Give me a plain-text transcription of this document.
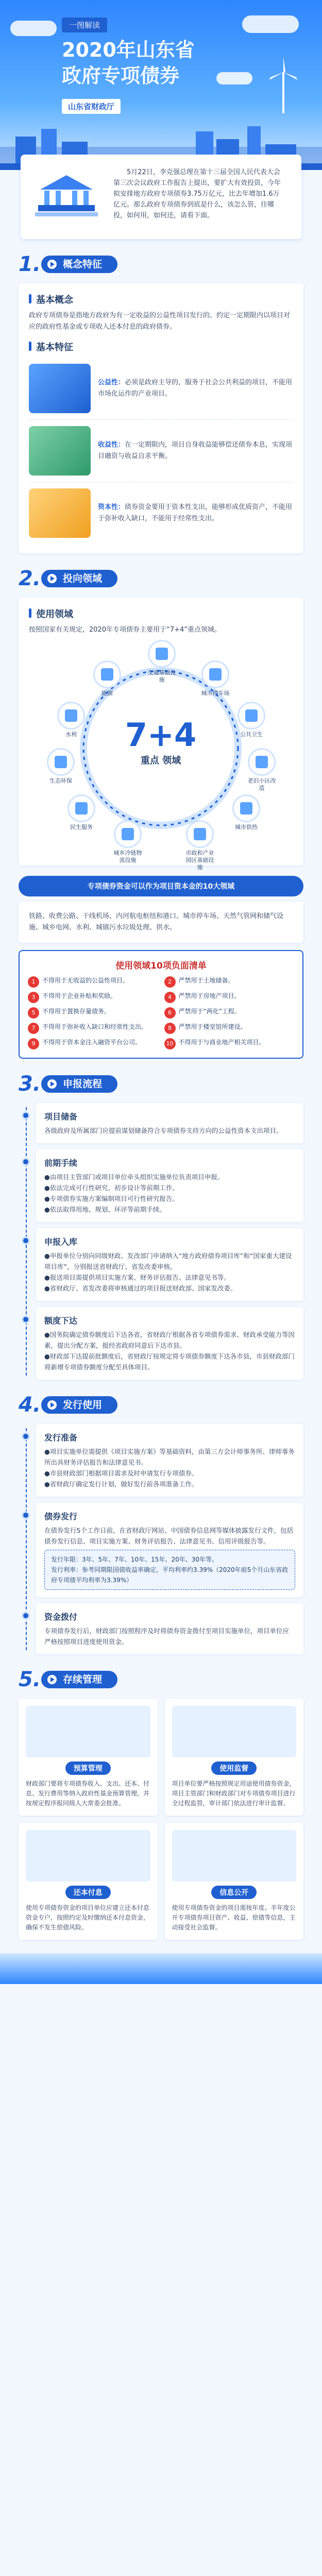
一图解读
2020年山东省
政府专项债券
山东省财政厅

5月22日，李克强总理在第十三届全国人民代表大会第三次会议政府工作报告上提出，要扩大有效投资，今年拟安排地方政府专项债券3.75万亿元，比去年增加1.6万亿元。那么政府专项债券到底是什么，该怎么管，往哪投，如何用，如何还，请看下面。

1.	概念特征
基本概念
政府专项债券是指地方政府为有一定收益的公益性项目发行的、约定一定期限内以项目对应的政府性基金或专项收入还本付息的政府债券。
基本特征
公益性：必须是政府主导的，服务于社会公共利益的项目，不能用市场化运作的产业项目。
收益性：在一定期限内，项目自身收益能够偿还债券本息，实现项目融资与收益自求平衡。
资本性：债券资金要用于资本性支出，能够形成优质资产，不能用于弥补收入缺口，不能用于经常性支出。
2.	投向领域
使用领域
按照国家有关规定，2020年专项债券主要用于“7+4”重点领域。
7+4
重点 领域
交通基础设施
城市停车场
公共卫生
老旧小区改造
城市供热
市政和产业园区基础设施
城乡冷链物流设施
民生服务
生态环保
水利
能源
专项债券资金可以作为项目资本金的10大领域
铁路、收费公路、干线机场、内河航电枢纽和港口、城市停车场、天然气管网和储气设施、城乡电网、水利、城镇污水垃圾处理、供水。
使用领域10项负面清单
1	不得用于无收益的公益性项目。	2	严禁用于土地储备。
3	不得用于企业补贴和奖励。	4	严禁用于房地产项目。
5	不得用于置换存量债务。	6	严禁用于“两化”工程。
7	不得用于弥补收入缺口和经常性支出。	8	严禁用于楼堂馆所建设。
9	不得用于资本金注入融资平台公司。	10 不得用于与商业地产相关项目。
3.	申报流程
项目储备
各级政府及所属部门应提前谋划储备符合专项债券支持方向的公益性资本支出项目。
前期手续
●由项目主管部门或项目单位牵头组织实施单位负责项目申报。
●依法完成可行性研究、初步设计等前期工作。
●专项债券实施方案编制项目可行性研究报告。
●依法取得用地、规划、环评等前期手续。
申报入库
●申报单位分别向同级财政、发改部门申请纳入“地方政府债券项目库”和“国家重大建设项目库”，分别报送省财政厅、省发改委审核。
●报送项目需提供项目实施方案、财务评估报告、法律意见书等。
●省财政厅、省发改委将审核通过的项目报送财政部、国家发改委。
额度下达
●国务院确定债券额度后下达各省，省财政厅根据各省专项债券需求、财政承受能力等因素，提出分配方案，报经省政府同意后下达市县。
●财政部下达提前批额度后，省财政厅按规定将专项债券额度下达各市县，市县财政部门将新增专项债券额度分配至具体项目。
4.	发行使用
发行准备
●项目实施单位需提供《项目实施方案》等基础资料，由第三方会计师事务所、律师事务所出具财务评估报告和法律意见书。
●市县财政部门根据项目需求及时申请发行专项债券。
●省财政厅确定发行计划，做好发行前各项准备工作。
债券发行
在债券发行5个工作日前，在省财政厅网站、中国债券信息网等媒体披露发行文件，包括债券发行信息、项目实施方案、财务评估报告、法律意见书、信用评级报告等。
发行年限：3年、5年、7年、10年、15年、20年、30年等。
发行利率：参考同期限国债收益率确定，平均利率约3.39%（2020年前5个月山东省政府专项债平均利率为3.39%）
资金拨付
专项债券发行后，财政部门按照程序及时将债券资金拨付至项目实施单位，项目单位应严格按照项目进度使用资金。
5.	存续管理
预算管理
财政部门要将专项债券收入、支出、还本、付息、发行费用等纳入政府性基金预算管理，并按规定程序报同级人大常委会批准。
使用监督
项目单位要严格按照规定用途使用债券资金，项目主管部门和财政部门对专项债券项目进行全过程监管，审计部门依法进行审计监督。
还本付息
使用专项债券资金的项目单位应建立还本付息资金专户，按照约定及时缴纳还本付息资金，确保不发生偿债风险。
信息公开
使用专项债券资金的项目需按年度、半年度公开专项债券项目资产、收益、偿债等信息，主动接受社会监督。
